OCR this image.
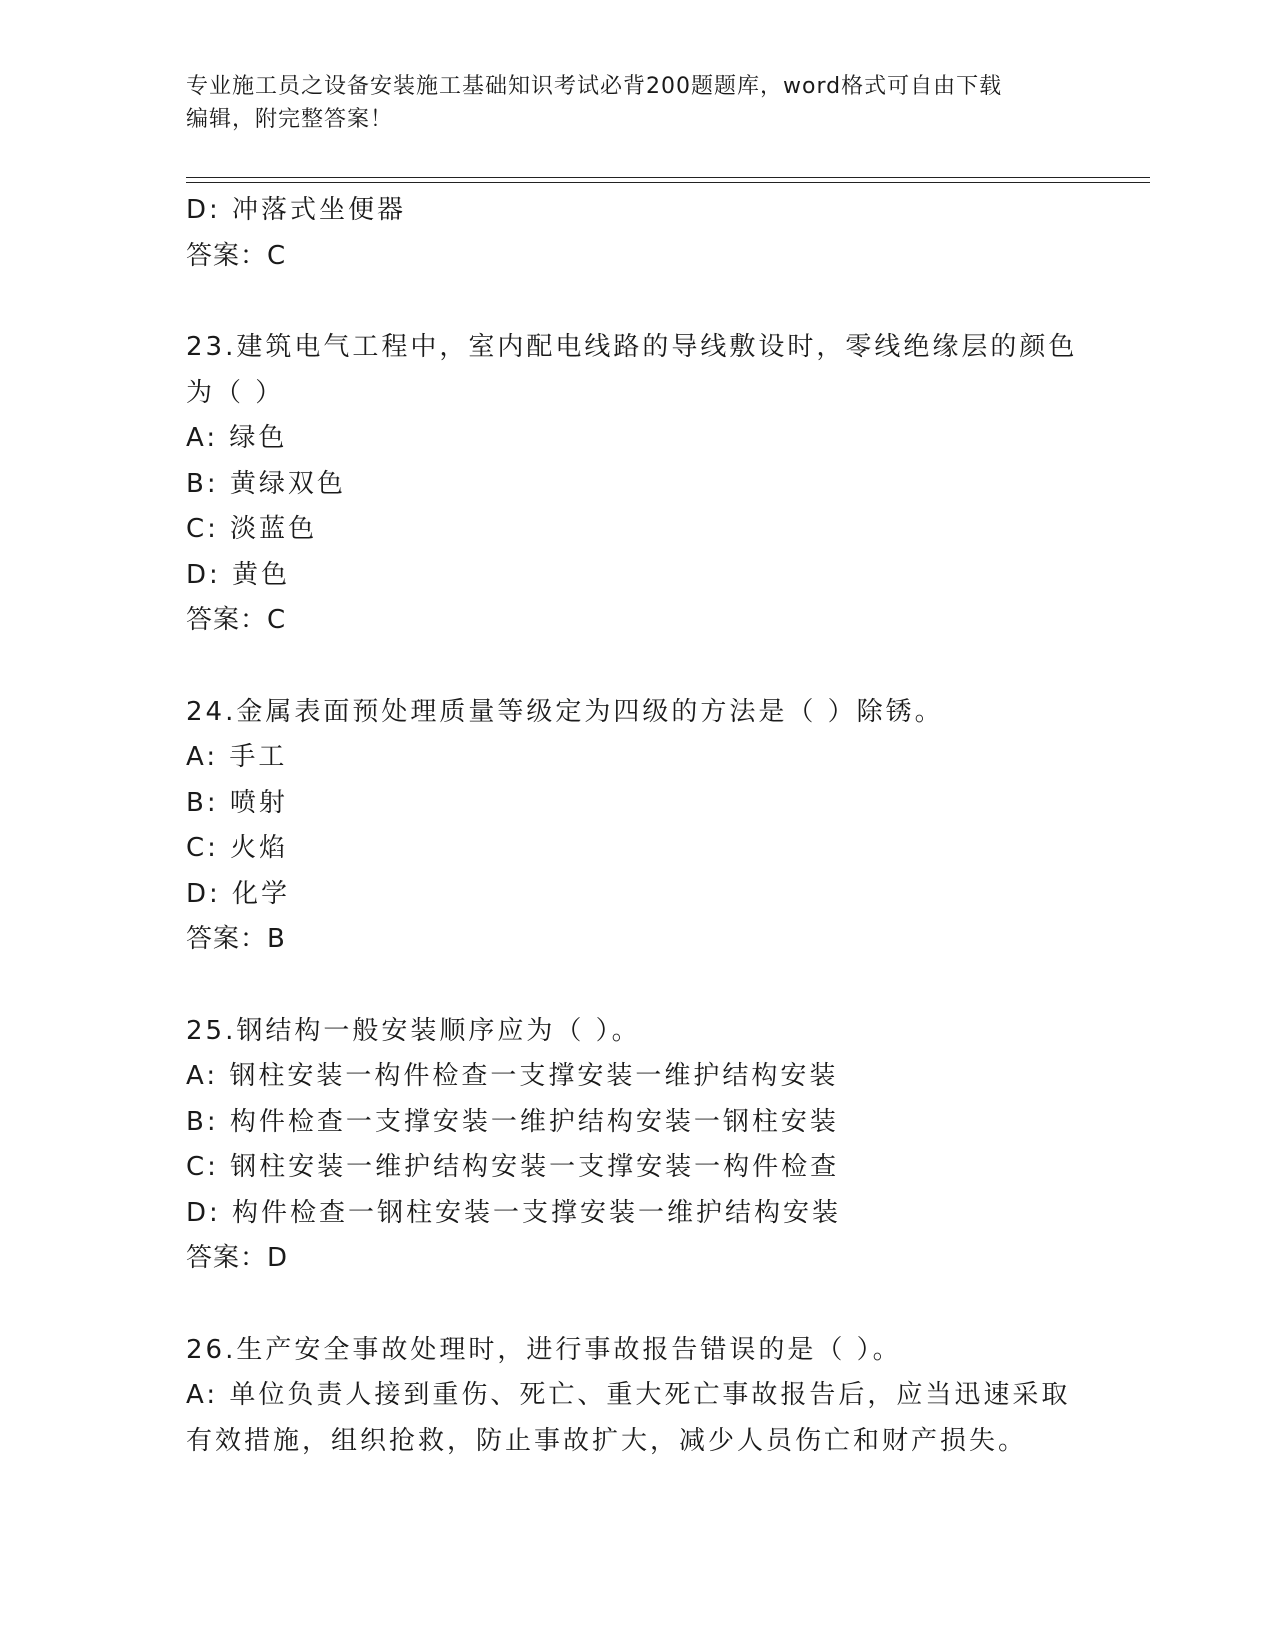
专业施工员之设备安装施工基础知识考试必背200题题库，word格式可自由下载
编辑，附完整答案！
D: 冲落式坐便器
答案：C
23.建筑电气工程中，室内配电线路的导线敷设时，零线绝缘层的颜色
为（ ）
A: 绿色
B: 黄绿双色
C: 淡蓝色
D: 黄色
答案：C
24.金属表面预处理质量等级定为四级的方法是（ ）除锈。
A: 手工
B: 喷射
C: 火焰
D: 化学
答案：B
25.钢结构一般安装顺序应为（ ）。
A: 钢柱安装一构件检查一支撑安装一维护结构安装
B: 构件检查一支撑安装一维护结构安装一钢柱安装
C: 钢柱安装一维护结构安装一支撑安装一构件检查
D: 构件检查一钢柱安装一支撑安装一维护结构安装
答案：D
26.生产安全事故处理时，进行事故报告错误的是（ ）。
A: 单位负责人接到重伤、死亡、重大死亡事故报告后，应当迅速采取
有效措施，组织抢救，防止事故扩大，减少人员伤亡和财产损失。
